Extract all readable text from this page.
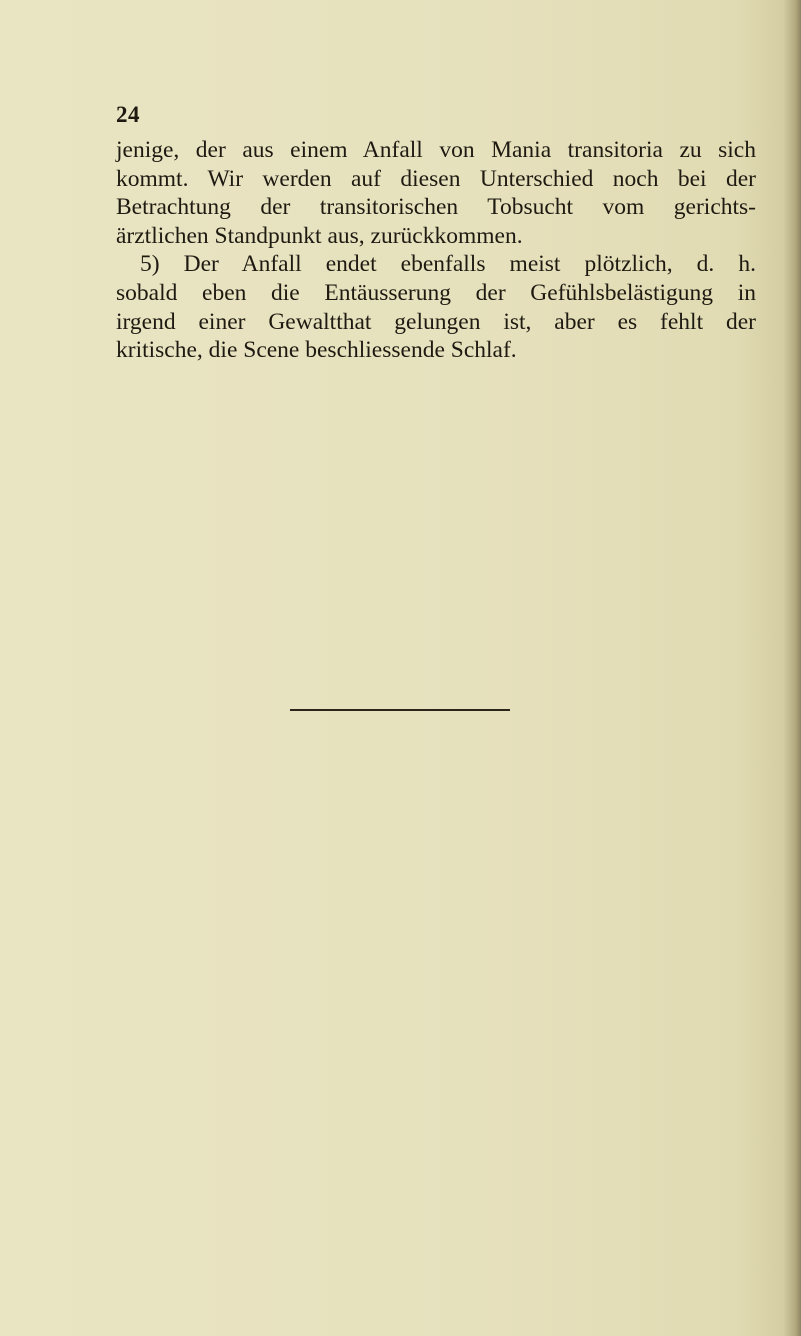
24
jenige, der aus einem Anfall von Mania transitoria zu sich
kommt. Wir werden auf diesen Unterschied noch bei der
Betrachtung der transitorischen Tobsucht vom gerichts-
ärztlichen Standpunkt aus, zurückkommen.
5) Der Anfall endet ebenfalls meist plötzlich, d. h.
sobald eben die Entäusserung der Gefühlsbelästigung in
irgend einer Gewaltthat gelungen ist, aber es fehlt der
kritische, die Scene beschliessende Schlaf.
